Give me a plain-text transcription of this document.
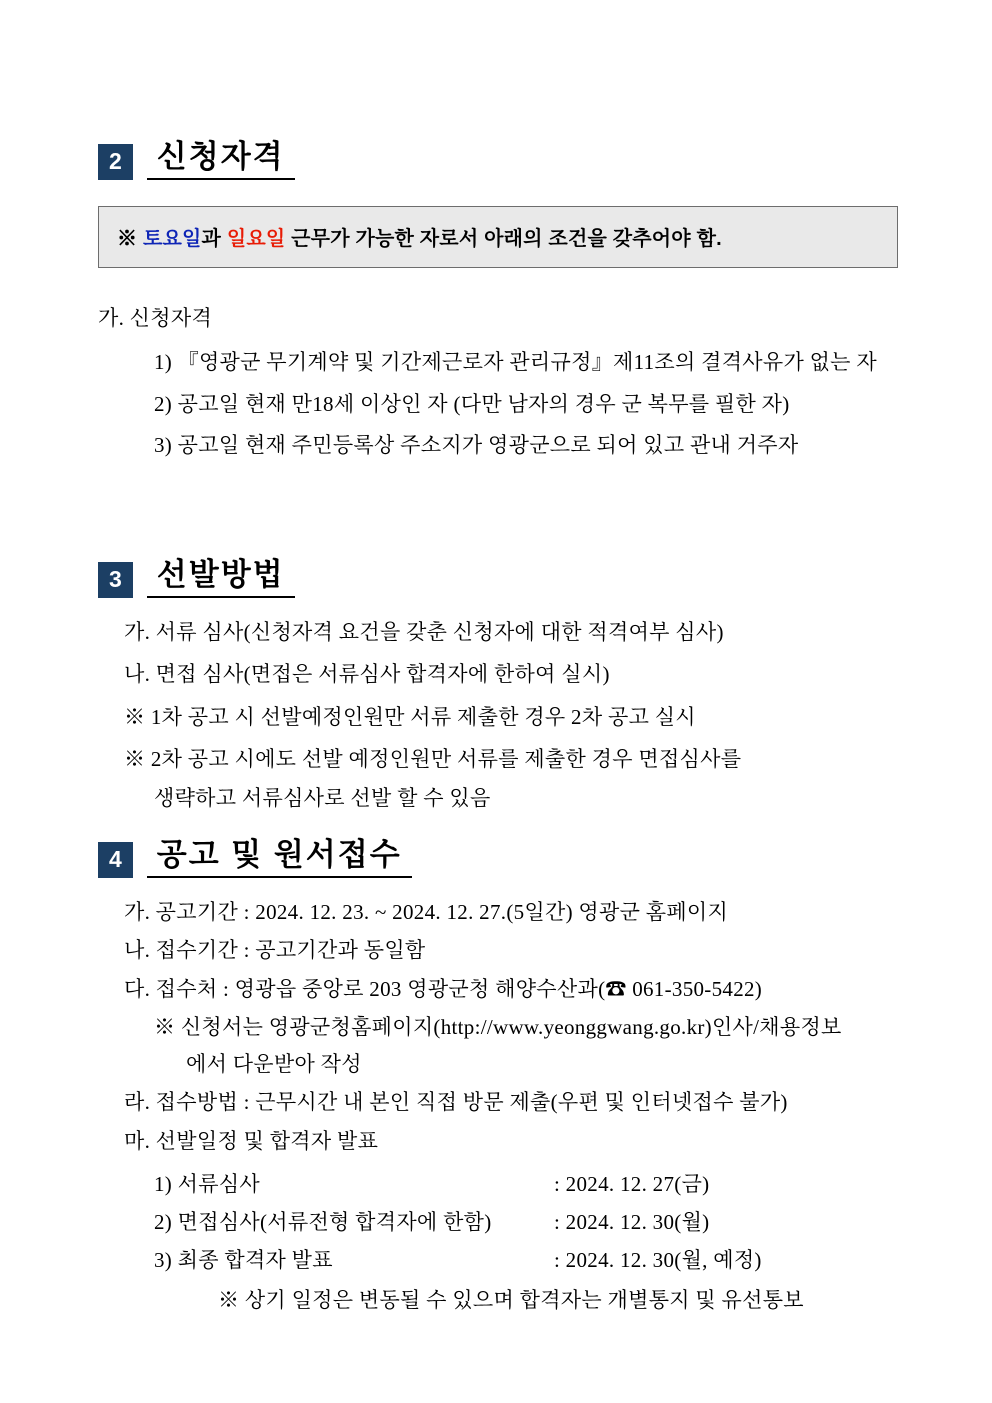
2	신청자격
※ 토요일과 일요일 근무가 가능한 자로서 아래의 조건을 갖추어야 함.
가. 신청자격
1) 『영광군 무기계약 및 기간제근로자 관리규정』제11조의 결격사유가 없는 자
2) 공고일 현재 만18세 이상인 자 (다만 남자의 경우 군 복무를 필한 자)
3) 공고일 현재 주민등록상 주소지가 영광군으로 되어 있고 관내 거주자
3	선발방법
가. 서류 심사(신청자격 요건을 갖춘 신청자에 대한 적격여부 심사)
나. 면접 심사(면접은 서류심사 합격자에 한하여 실시)
※ 1차 공고 시 선발예정인원만 서류 제출한 경우 2차 공고 실시
※ 2차 공고 시에도 선발 예정인원만 서류를 제출한 경우 면접심사를
생략하고 서류심사로 선발 할 수 있음
4	공고 및 원서접수
가. 공고기간 : 2024. 12. 23. ~ 2024. 12. 27.(5일간) 영광군 홈페이지
나. 접수기간 : 공고기간과 동일함
다. 접수처 : 영광읍 중앙로 203 영광군청 해양수산과(☎ 061-350-5422)
※ 신청서는 영광군청홈페이지(http://www.yeonggwang.go.kr)인사/채용정보
에서 다운받아 작성
라. 접수방법 : 근무시간 내 본인 직접 방문 제출(우편 및 인터넷접수 불가)
마. 선발일정 및 합격자 발표
1) 서류심사	: 2024. 12. 27(금)
2) 면접심사(서류전형 합격자에 한함)	: 2024. 12. 30(월)
3) 최종 합격자 발표	: 2024. 12. 30(월, 예정)
※ 상기 일정은 변동될 수 있으며 합격자는 개별통지 및 유선통보
